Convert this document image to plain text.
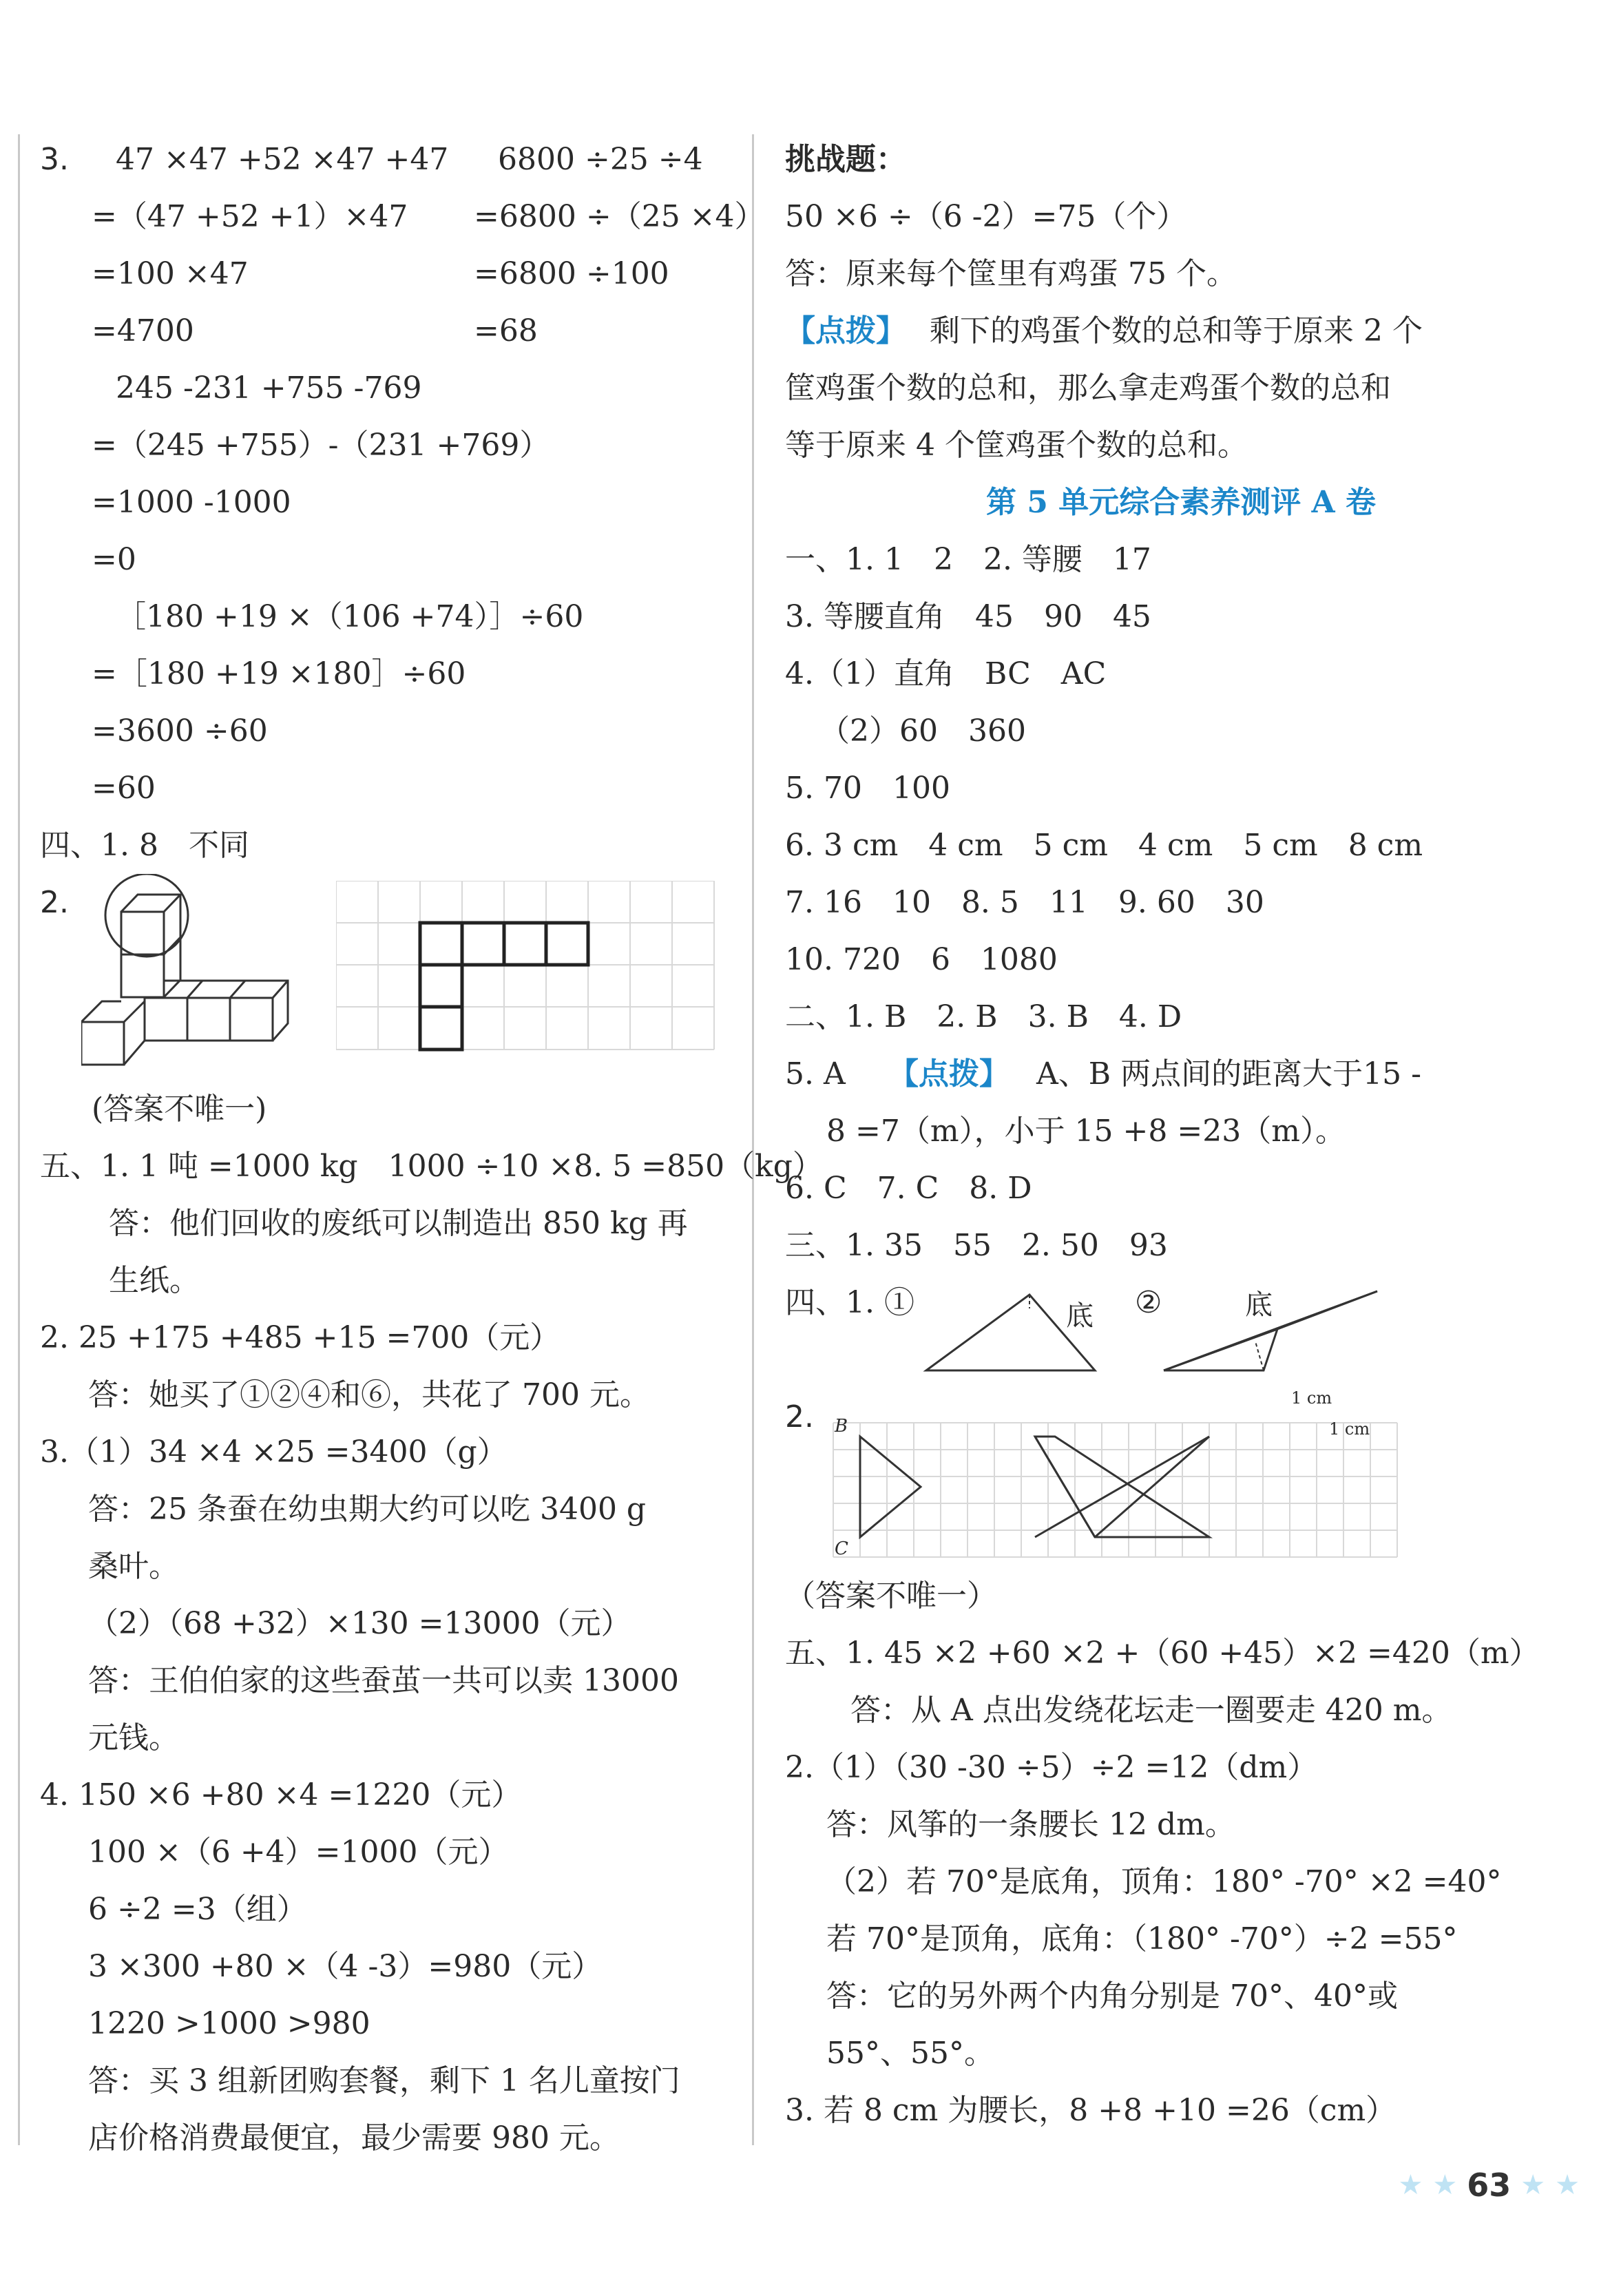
3. 47 ×47 +52 ×47 +47 6800 ÷25 ÷4
=（47 +52 +1）×47 =6800 ÷（25 ×4）
=100 ×47	=6800 ÷100
=4700	=68
245 -231 +755 -769
=（245 +755）-（231 +769）
=1000 -1000
=0
［180 +19 ×（106 +74）］÷60
=［180 +19 ×180］÷60
=3600 ÷60
=60
四、1. 8　不同
2.
(答案不唯一)
五、1. 1 吨 =1000 kg　1000 ÷10 ×8. 5 =850（kg）
答：他们回收的废纸可以制造出 850 kg 再
生纸。
2. 25 +175 +485 +15 =700（元）
答：她买了①②④和⑥，共花了 700 元。
3.（1）34 ×4 ×25 =3400（g）
答：25 条蚕在幼虫期大约可以吃 3400 g
桑叶。
（2）（68 +32）×130 =13000（元）
答：王伯伯家的这些蚕茧一共可以卖 13000
元钱。
4. 150 ×6 +80 ×4 =1220（元）
100 ×（6 +4）=1000（元）
6 ÷2 =3（组）
3 ×300 +80 ×（4 -3）=980（元）
1220 >1000 >980
答：买 3 组新团购套餐，剩下 1 名儿童按门
店价格消费最便宜，最少需要 980 元。
挑战题：
50 ×6 ÷（6 -2）=75（个）
答：原来每个筐里有鸡蛋 75 个。
【点拨】 剩下的鸡蛋个数的总和等于原来 2 个
筐鸡蛋个数的总和，那么拿走鸡蛋个数的总和
等于原来 4 个筐鸡蛋个数的总和。
第 5 单元综合素养测评 A 卷
一、1. 1　2　2. 等腰　17
3. 等腰直角　45　90　45
4.（1）直角　BC　AC
（2）60　360
5. 70　100
6. 3 cm　4 cm　5 cm　4 cm　5 cm　8 cm
7. 16　10　8. 5　11　9. 60　30
10. 720　6　1080
二、1. B　2. B　3. B　4. D
5. A 【点拨】 A、B 两点间的距离大于15 -
8 =7（m），小于 15 +8 =23（m）。
6. C　7. C　8. D
三、1. 35　55　2. 50　93
四、1. ①	底 ②	底
2. B
C
1 cm
1 cm
（答案不唯一）
五、1. 45 ×2 +60 ×2 +（60 +45）×2 =420（m）
答：从 A 点出发绕花坛走一圈要走 420 m。
2.（1）（30 -30 ÷5）÷2 =12（dm）
答：风筝的一条腰长 12 dm。
（2）若 70°是底角，顶角：180° -70° ×2 =40°
若 70°是顶角，底角：（180° -70°）÷2 =55°
答：它的另外两个内角分别是 70°、40°或
55°、55°。
3. 若 8 cm 为腰长，8 +8 +10 =26（cm）
★ ★ 63 ★ ★
